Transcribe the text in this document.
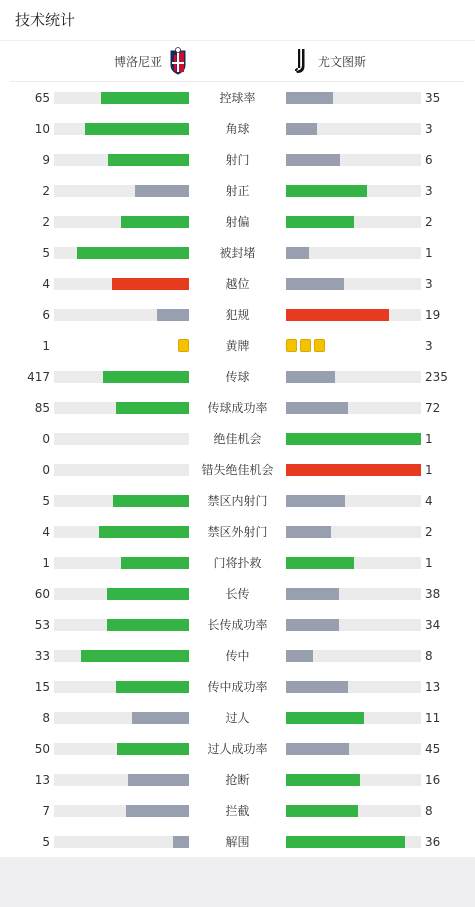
技术统计
博洛尼亚	尤文图斯
65	控球率	35
10	角球	3
9	射门	6
2	射正	3
2	射偏	2
5	被封堵	1
4	越位	3
6	犯规	19
1	黄牌	3
417	传球	235
85	传球成功率	72
0	绝佳机会	1
0	错失绝佳机会	1
5	禁区内射门	4
4	禁区外射门	2
1	门将扑救	1
60	长传	38
53	长传成功率	34
33	传中	8
15	传中成功率	13
8	过人	11
50	过人成功率	45
13	抢断	16
7	拦截	8
5	解围	36
